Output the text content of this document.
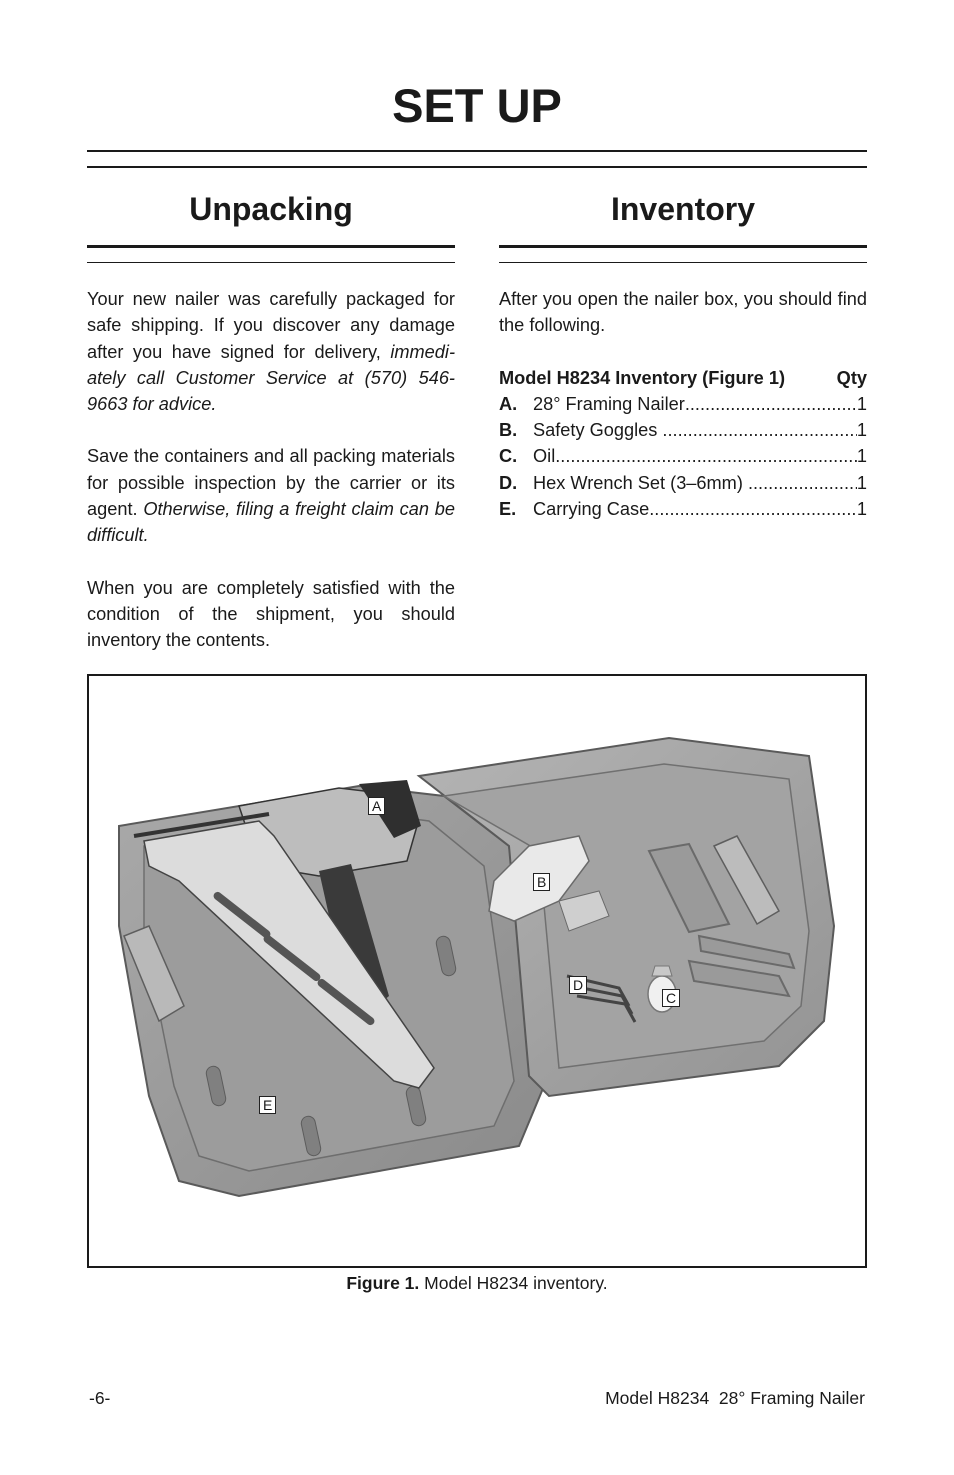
SET UP
Unpacking

Your new nailer was carefully packaged for safe shipping. If you discover any damage after you have signed for delivery, immediately call Customer Service at (570) 546-9663 for advice.

Save the containers and all packing materials for possible inspection by the carrier or its agent. Otherwise, filing a freight claim can be difficult.

When you are completely satisfied with the condition of the shipment, you should inventory the contents.

Inventory

After you open the nailer box, you should find the following.

Model H8234 Inventory (Figure 1)	Qty
A. 28° Framing Nailer .....	1
B. Safety Goggles .....	1
C. Oil .....	1
D. Hex Wrench Set (3–6mm) .....	1
E. Carrying Case .....	1
A
B
C
D
E
Figure 1. Model H8234 inventory.
-6-	Model H8234  28° Framing Nailer
